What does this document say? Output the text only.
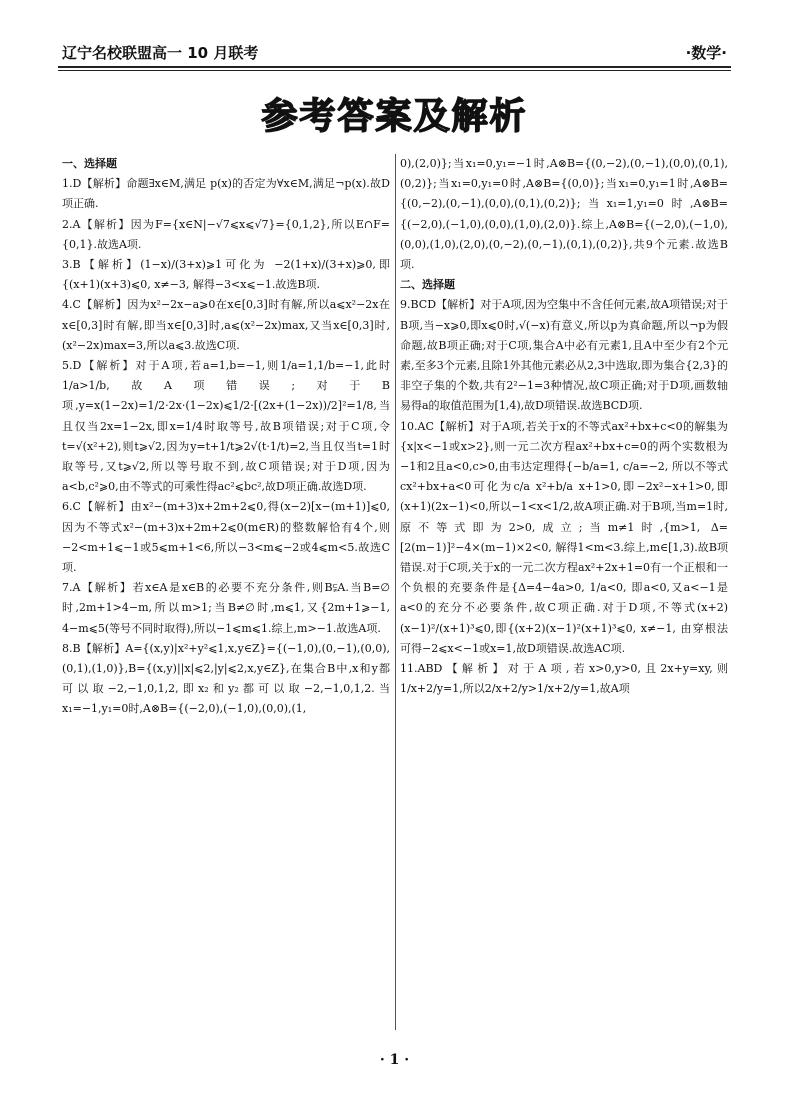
辽宁名校联盟高一 10 月联考	·数学·
参考答案及解析

一、选择题

1.D【解析】命题∃x∈M,满足 p(x)的否定为∀x∈M,满足¬p(x).故D项正确.

2.A【解析】因为F={x∈N|−√7⩽x⩽√7}={0,1,2},所以E∩F={0,1}.故选A项.

3.B【解析】(1−x)/(3+x)⩾1可化为 −2(1+x)/(3+x)⩾0,即{(x+1)(x+3)⩽0, x≠−3, 解得−3<x⩽−1.故选B项.

4.C【解析】因为x²−2x−a⩾0在x∈[0,3]时有解,所以a⩽x²−2x在x∈[0,3]时有解,即当x∈[0,3]时,a⩽(x²−2x)max,又当x∈[0,3]时,(x²−2x)max=3,所以a⩽3.故选C项.

5.D【解析】对于A项,若a=1,b=−1,则1/a=1,1/b=−1,此时1/a>1/b,故A项错误;对于B项,y=x(1−2x)=1/2·2x·(1−2x)⩽1/2·[(2x+(1−2x))/2]²=1/8,当且仅当2x=1−2x,即x=1/4时取等号,故B项错误;对于C项,令t=√(x²+2),则t⩾√2,因为y=t+1/t⩾2√(t·1/t)=2,当且仅当t=1时取等号,又t⩾√2,所以等号取不到,故C项错误;对于D项,因为a<b,c²⩾0,由不等式的可乘性得ac²⩽bc²,故D项正确.故选D项.

6.C【解析】由x²−(m+3)x+2m+2⩽0,得(x−2)[x−(m+1)]⩽0,因为不等式x²−(m+3)x+2m+2⩽0(m∈R)的整数解恰有4个,则−2<m+1⩽−1或5⩽m+1<6,所以−3<m⩽−2或4⩽m<5.故选C项.

7.A【解析】若x∈A是x∈B的必要不充分条件,则B⫋A.当B=∅时,2m+1>4−m,所以m>1;当B≠∅时,m⩽1,又{2m+1⩾−1, 4−m⩽5(等号不同时取得),所以−1⩽m⩽1.综上,m>−1.故选A项.

8.B【解析】A={(x,y)|x²+y²⩽1,x,y∈Z}={(−1,0),(0,−1),(0,0),(0,1),(1,0)},B={(x,y)||x|⩽2,|y|⩽2,x,y∈Z},在集合B中,x和y都可以取−2,−1,0,1,2,即x₂和y₂都可以取−2,−1,0,1,2.当x₁=−1,y₁=0时,A⊗B={(−2,0),(−1,0),(0,0),(1,

0),(2,0)};当x₁=0,y₁=−1时,A⊗B={(0,−2),(0,−1),(0,0),(0,1),(0,2)};当x₁=0,y₁=0时,A⊗B={(0,0)};当x₁=0,y₁=1时,A⊗B={(0,−2),(0,−1),(0,0),(0,1),(0,2)};当x₁=1,y₁=0时,A⊗B={(−2,0),(−1,0),(0,0),(1,0),(2,0)}.综上,A⊗B={(−2,0),(−1,0),(0,0),(1,0),(2,0),(0,−2),(0,−1),(0,1),(0,2)},共9个元素.故选B项.

二、选择题

9.BCD【解析】对于A项,因为空集中不含任何元素,故A项错误;对于B项,当−x⩾0,即x⩽0时,√(−x)有意义,所以p为真命题,所以¬p为假命题,故B项正确;对于C项,集合A中必有元素1,且A中至少有2个元素,至多3个元素,且除1外其他元素必从2,3中选取,即为集合{2,3}的非空子集的个数,共有2²−1=3种情况,故C项正确;对于D项,画数轴易得a的取值范围为[1,4),故D项错误.故选BCD项.

10.AC【解析】对于A项,若关于x的不等式ax²+bx+c<0的解集为{x|x<−1或x>2},则一元二次方程ax²+bx+c=0的两个实数根为−1和2且a<0,c>0,由韦达定理得{−b/a=1, c/a=−2, 所以不等式cx²+bx+a<0可化为c/a x²+b/a x+1>0,即−2x²−x+1>0,即(x+1)(2x−1)<0,所以−1<x<1/2,故A项正确.对于B项,当m=1时,原不等式即为2>0,成立;当m≠1时,{m>1, Δ=[2(m−1)]²−4×(m−1)×2<0, 解得1<m<3.综上,m∈[1,3).故B项错误.对于C项,关于x的一元二次方程ax²+2x+1=0有一个正根和一个负根的充要条件是{Δ=4−4a>0, 1/a<0, 即a<0,又a<−1是a<0的充分不必要条件,故C项正确.对于D项,不等式(x+2)(x−1)²/(x+1)³⩽0,即{(x+2)(x−1)²(x+1)³⩽0, x≠−1, 由穿根法可得−2⩽x<−1或x=1,故D项错误.故选AC项.

11.ABD【解析】对于A项,若x>0,y>0,且2x+y=xy,则1/x+2/y=1,所以2/x+2/y>1/x+2/y=1,故A项

· 1 ·
